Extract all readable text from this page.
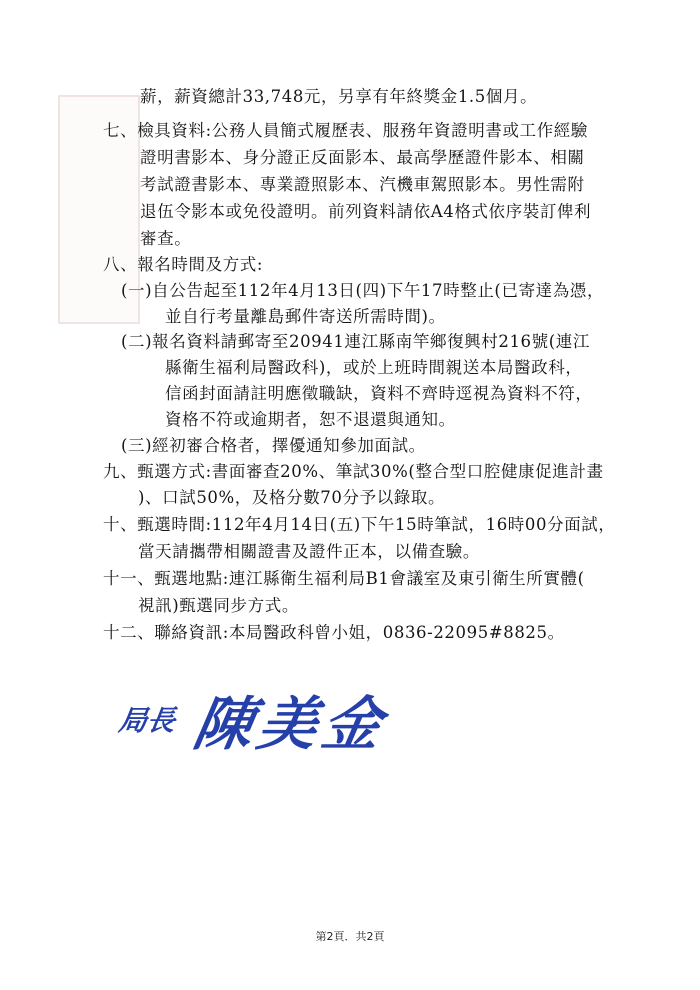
薪，薪資總計33,748元，另享有年終獎金1.5個月。
七、檢具資料:公務人員簡式履歷表、服務年資證明書或工作經驗
證明書影本、身分證正反面影本、最高學歷證件影本、相關
考試證書影本、專業證照影本、汽機車駕照影本。男性需附
退伍令影本或免役證明。前列資料請依A4格式依序裝訂俾利
審查。
八、報名時間及方式:
(一)自公告起至112年4月13日(四)下午17時整止(已寄達為憑，
並自行考量離島郵件寄送所需時間)。
(二)報名資料請郵寄至20941連江縣南竿鄉復興村216號(連江
縣衛生福利局醫政科)，或於上班時間親送本局醫政科，
信函封面請註明應徵職缺，資料不齊時逕視為資料不符，
資格不符或逾期者，恕不退還與通知。
(三)經初審合格者，擇優通知參加面試。
九、甄選方式:書面審查20%、筆試30%(整合型口腔健康促進計畫
)、口試50%，及格分數70分予以錄取。
十、甄選時間:112年4月14日(五)下午15時筆試，16時00分面試，
當天請攜帶相關證書及證件正本，以備查驗。
十一、甄選地點:連江縣衛生福利局B1會議室及東引衛生所實體(
視訊)甄選同步方式。
十二、聯絡資訊:本局醫政科曾小姐，0836-22095#8825。
局長 陳美金
第2頁．共2頁
